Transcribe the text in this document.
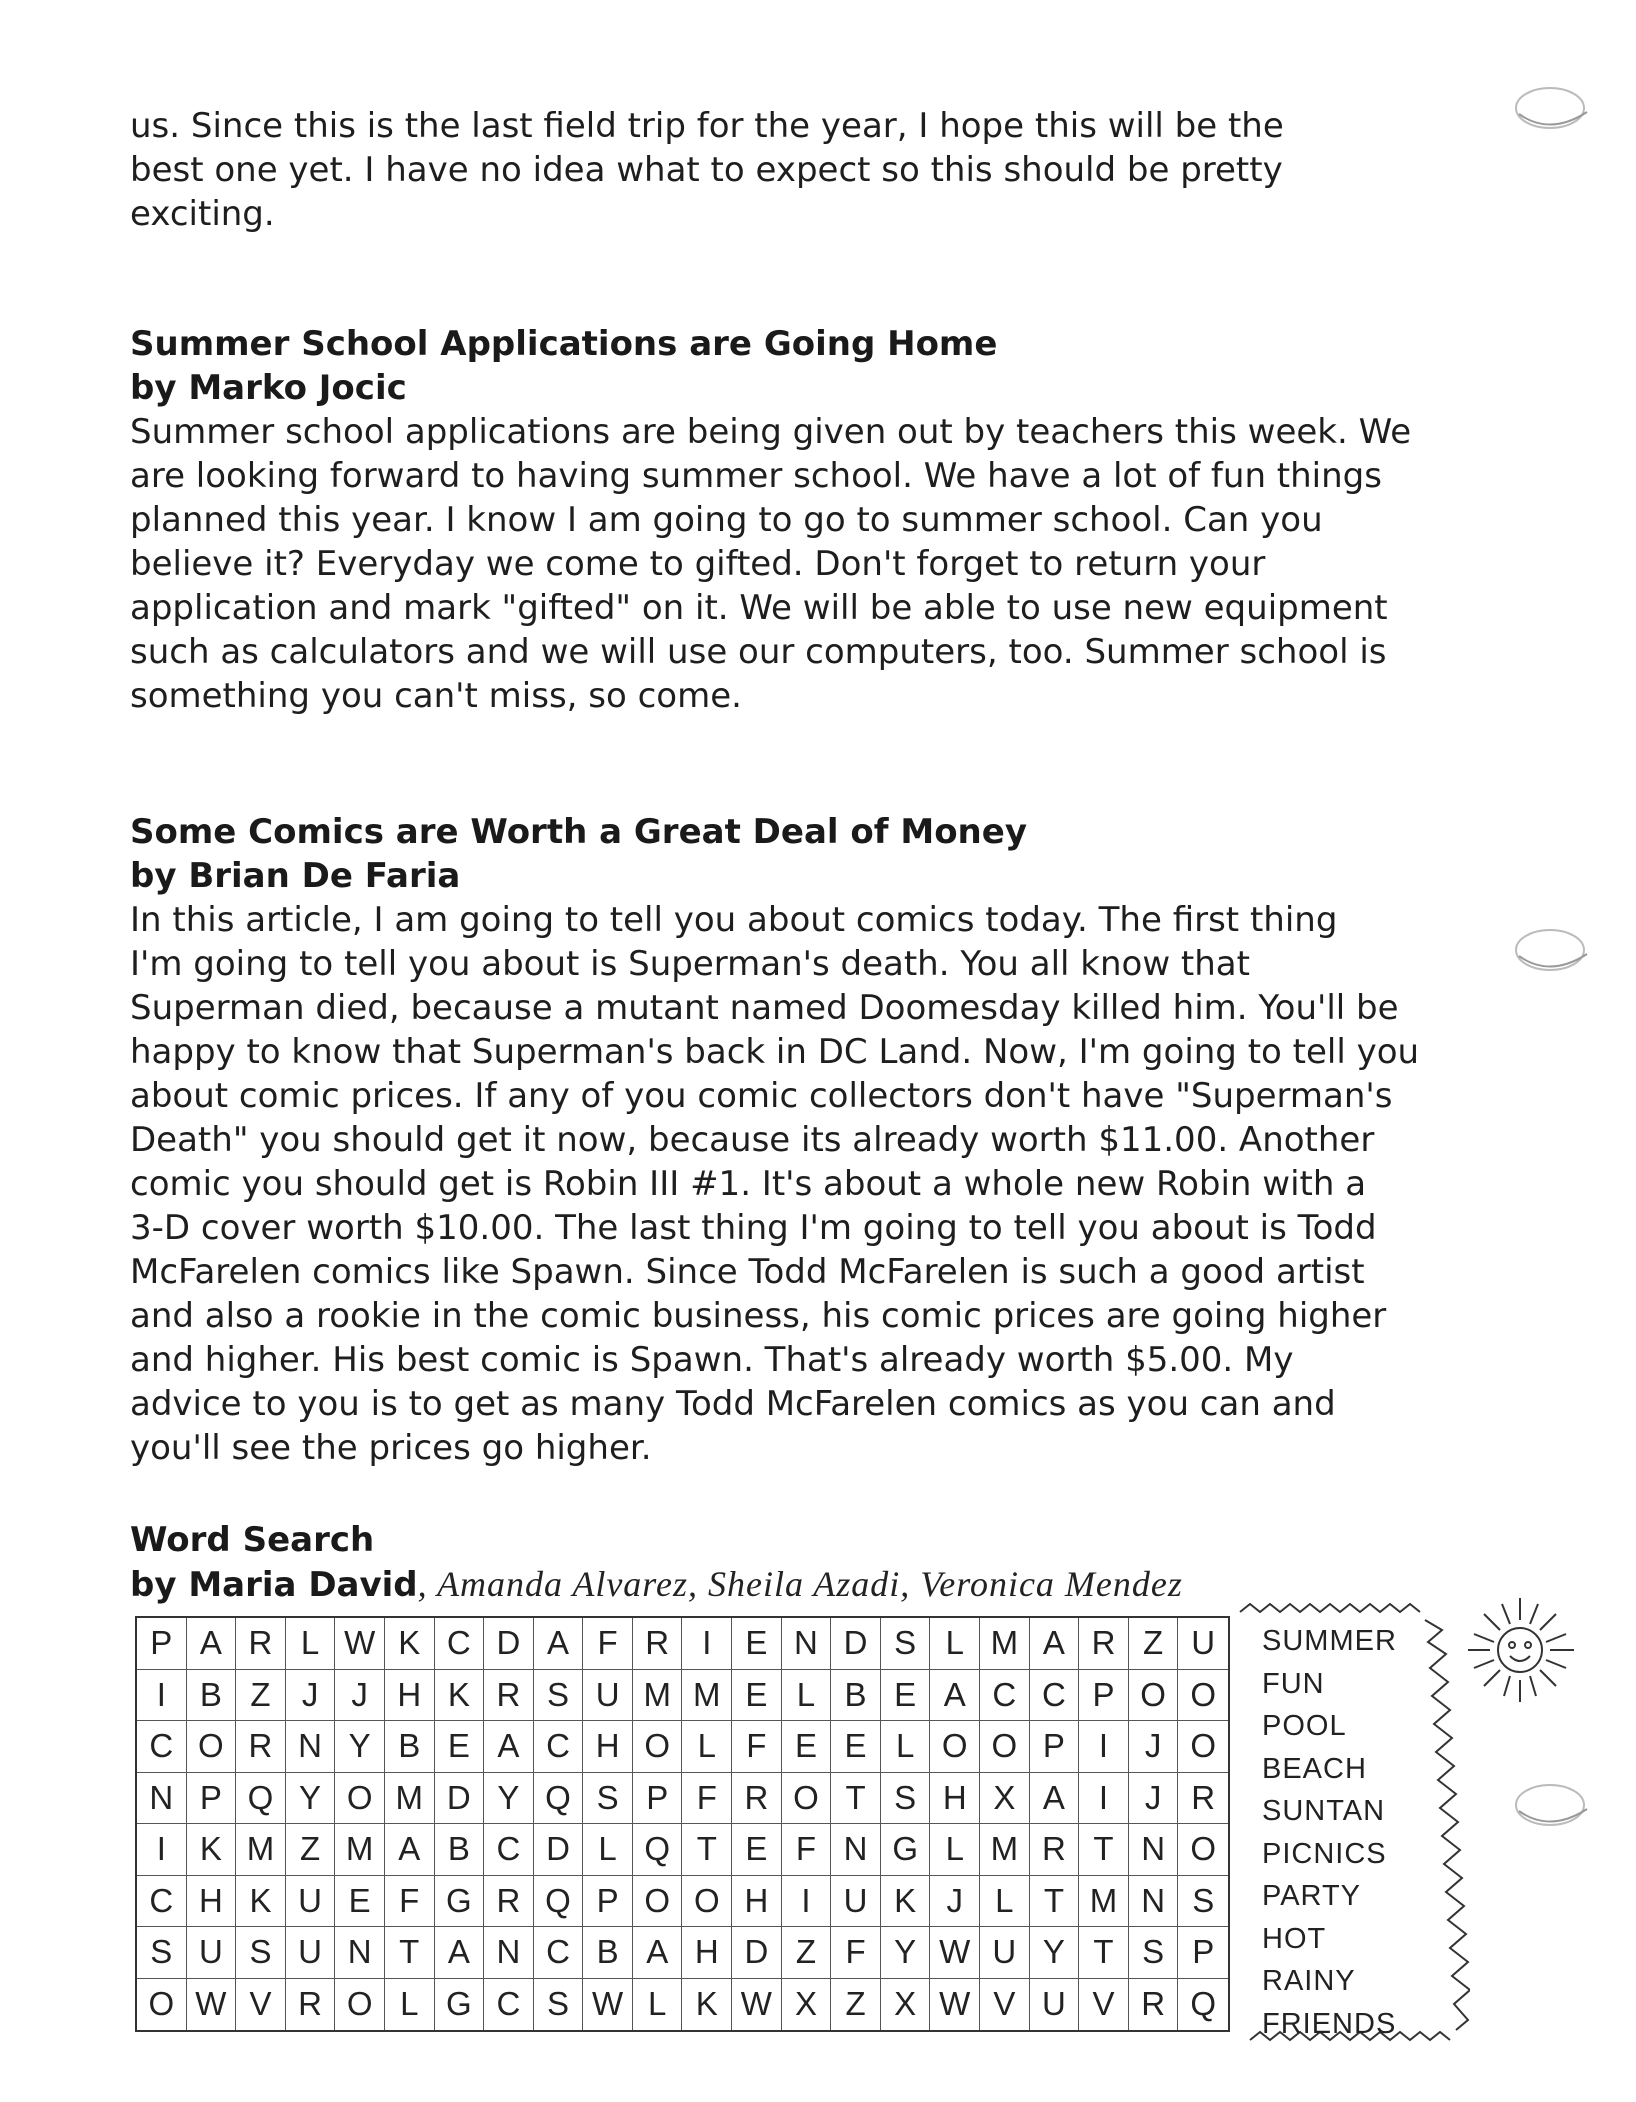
us. Since this is the last field trip for the year, I hope this will be the

best one yet. I have no idea what to expect so this should be pretty

exciting.

Summer School Applications are Going Home
by Marko Jocic

Summer school applications are being given out by teachers this week. We

are looking forward to having summer school. We have a lot of fun things

planned this year. I know I am going to go to summer school. Can you

believe it? Everyday we come to gifted. Don't forget to return your

application and mark "gifted" on it. We will be able to use new equipment

such as calculators and we will use our computers, too. Summer school is

something you can't miss, so come.

Some Comics are Worth a Great Deal of Money
by Brian De Faria

In this article, I am going to tell you about comics today. The first thing

I'm going to tell you about is Superman's death. You all know that

Superman died, because a mutant named Doomesday killed him. You'll be

happy to know that Superman's back in DC Land. Now, I'm going to tell you

about comic prices. If any of you comic collectors don't have "Superman's

Death" you should get it now, because its already worth $11.00. Another

comic you should get is Robin III #1. It's about a whole new Robin with a

3-D cover worth $10.00. The last thing I'm going to tell you about is Todd

McFarelen comics like Spawn. Since Todd McFarelen is such a good artist

and also a rookie in the comic business, his comic prices are going higher

and higher. His best comic is Spawn. That's already worth $5.00. My

advice to you is to get as many Todd McFarelen comics as you can and

you'll see the prices go higher.

Word Search
by Maria David, Amanda Alvarez, Sheila Azadi, Veronica Mendez
P A R L W K C D A F R	I	E N D S L M A R Z U
I	B Z J	J H K R S U M M E L B E A C C P O O
C O R N Y B E A C H O L F E E L O O P	I	J O
N P Q Y O M D Y Q S P F R O T S H X A	I	J R
I	K M Z M A B C D L Q T E F N G L M R T N O
C H K U E F G R Q P O O H	I	U K J L T M N S
S U S U N T A N C B A H D Z F Y W U Y T S P
O W V R O L G C S W L K W X Z X W V U V R Q
SUMMER
FUN
POOL
BEACH
SUNTAN
PICNICS
PARTY
HOT
RAINY
FRIENDS
